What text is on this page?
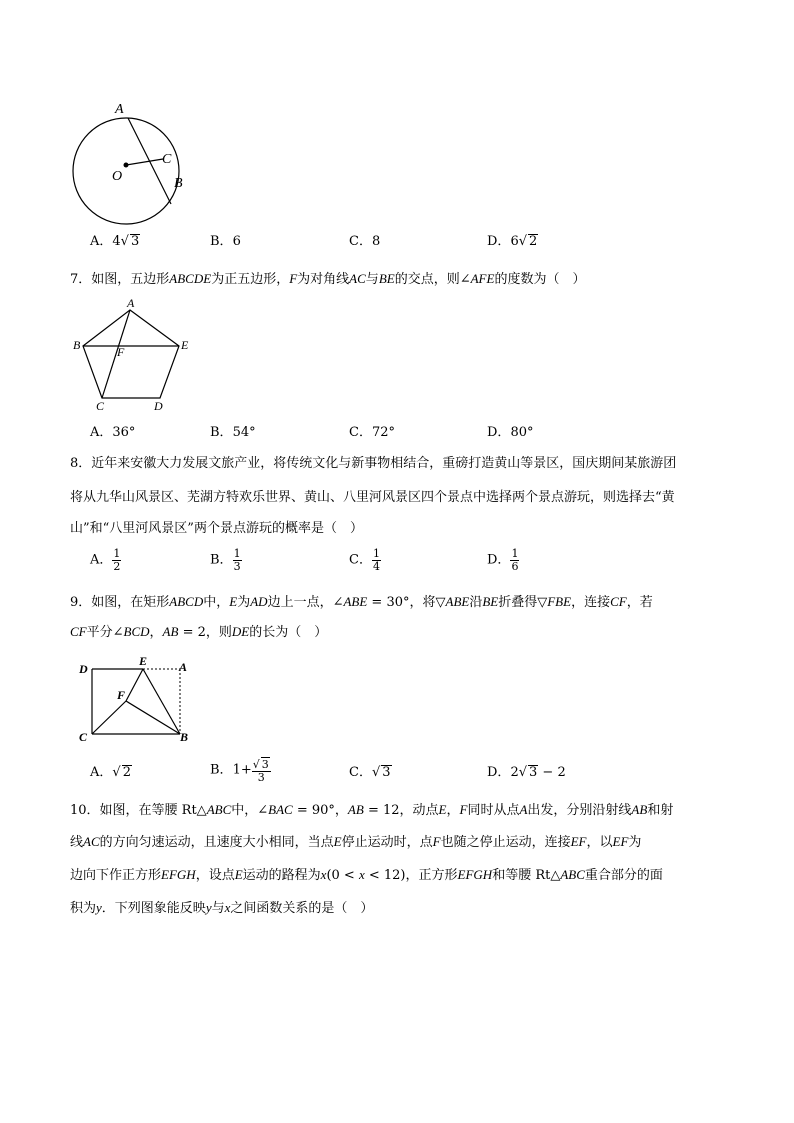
A
C
O	B
A．4√ 3	B．6	C．8	D．6√ 2
7．如图，五边形ABCDE为正五边形，F为对角线AC与BE的交点，则∠AFE的度数为（　）
A
B	E
F
C	D
A．36°	B．54°	C．72°	D．80°
8．近年来安徽大力发展文旅产业，将传统文化与新事物相结合，重磅打造黄山等景区，国庆期间某旅游团
将从九华山风景区、芜湖方特欢乐世界、黄山、八里河风景区四个景点中选择两个景点游玩，则选择去“黄
山”和“八里河风景区”两个景点游玩的概率是（　）
A． $\frac{1}{2}$	B． $\frac{1}{3}$	C． $\frac{1}{4}$	D． $\frac{1}{6}$
9．如图，在矩形ABCD中，E为AD边上一点，∠ABE = 30°，将▽ABE沿BE折叠得▽FBE，连接CF，若
CF平分∠BCD，AB = 2，则DE的长为（　）
D
E	A
F
C	B
A．√ 2	B．$1+ \frac{√ 3}{3}$	C．√ 3	D．2√ 3 − 2
10．如图，在等腰 Rt△ABC中，∠BAC = 90°，AB = 12，动点E，F同时从点A出发，分别沿射线AB和射
线AC的方向匀速运动，且速度大小相同，当点E停止运动时，点F也随之停止运动，连接EF，以EF为
边向下作正方形EFGH，设点E运动的路程为x(0 < x < 12)，正方形EFGH和等腰 Rt△ABC重合部分的面
积为y．下列图象能反映y与x之间函数关系的是（　）
